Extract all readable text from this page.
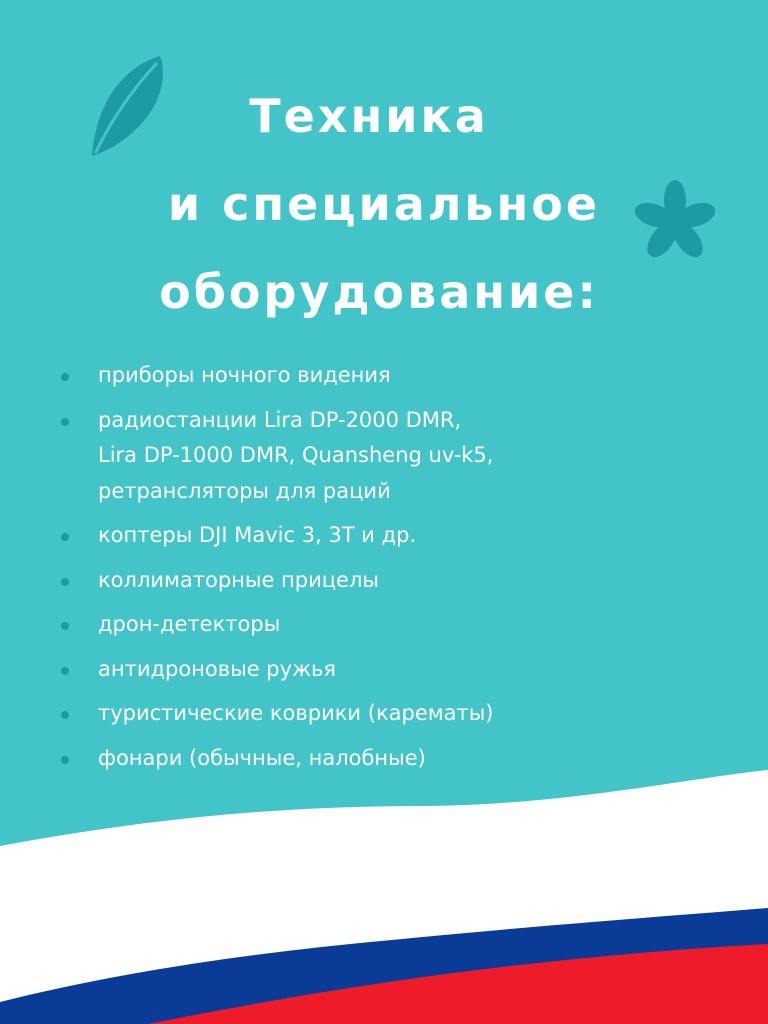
Техника
и специальное
оборудование:
приборы ночного видения
радиостанции Lira DP-2000 DMR,
Lira DP-1000 DMR, Quansheng uv-k5,
ретрансляторы для раций
коптеры DJI Mavic 3, 3T и др.
коллиматорные прицелы
дрон-детекторы
антидроновые ружья
туристические коврики (карематы)
фонари (обычные, налобные)
